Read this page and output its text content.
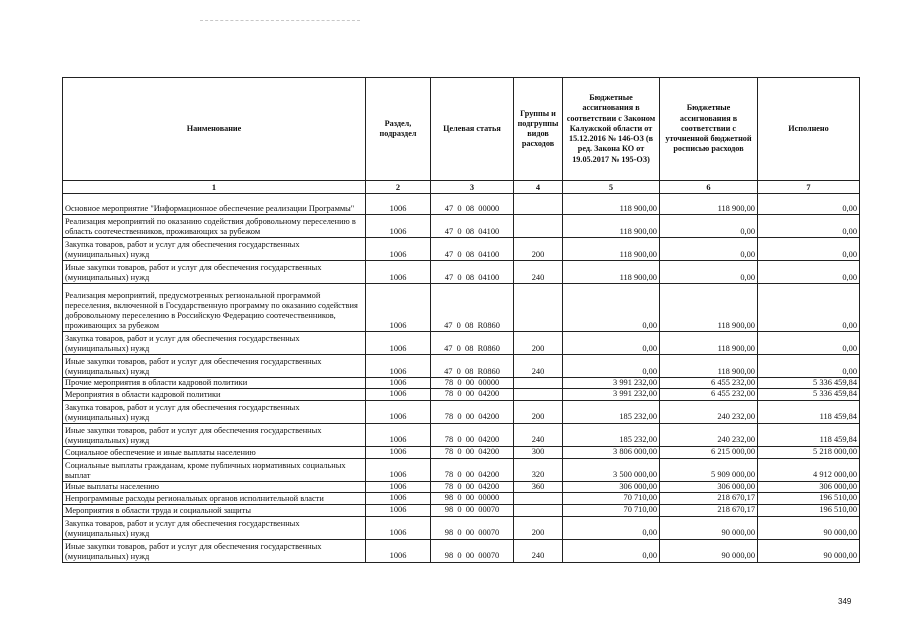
Наименование	Раздел, подраздел	Целевая статья	Группы и подгруппы видов расходов	Бюджетные ассигнования в соответствии с Законом Калужской области от 15.12.2016 № 146-ОЗ (в ред. Закона КО от 19.05.2017 № 195-ОЗ)	Бюджетные ассигнования в соответствии с уточненной бюджетной росписью расходов	Исполнено
1	2	3	4	5	6	7
Основное мероприятие "Информационное обеспечение реализации Программы"	1006	47  0  08  00000		118 900,00	118 900,00	0,00
Реализация мероприятий по оказанию содействия добровольному переселению в область соотечественников, проживающих за рубежом	1006	47  0  08  04100		118 900,00	0,00	0,00
Закупка товаров, работ и услуг для обеспечения государственных (муниципальных) нужд	1006	47  0  08  04100	200	118 900,00	0,00	0,00
Иные закупки товаров, работ и услуг для обеспечения государственных (муниципальных) нужд	1006	47  0  08  04100	240	118 900,00	0,00	0,00
Реализация мероприятий, предусмотренных региональной программой переселения, включенной в Государственную программу по оказанию содействия добровольному переселению в Российскую Федерацию соотечественников, проживающих за рубежом	1006	47  0  08  R0860		0,00	118 900,00	0,00
Закупка товаров, работ и услуг для обеспечения государственных (муниципальных) нужд	1006	47  0  08  R0860	200	0,00	118 900,00	0,00
Иные закупки товаров, работ и услуг для обеспечения государственных (муниципальных) нужд	1006	47  0  08  R0860	240	0,00	118 900,00	0,00
Прочие мероприятия в области кадровой политики	1006	78  0  00  00000		3 991 232,00	6 455 232,00	5 336 459,84
Мероприятия в области кадровой политики	1006	78  0  00  04200		3 991 232,00	6 455 232,00	5 336 459,84
Закупка товаров, работ и услуг для обеспечения государственных (муниципальных) нужд	1006	78  0  00  04200	200	185 232,00	240 232,00	118 459,84
Иные закупки товаров, работ и услуг для обеспечения государственных (муниципальных) нужд	1006	78  0  00  04200	240	185 232,00	240 232,00	118 459,84
Социальное обеспечение и иные выплаты населению	1006	78  0  00  04200	300	3 806 000,00	6 215 000,00	5 218 000,00
Социальные выплаты гражданам, кроме публичных нормативных социальных выплат	1006	78  0  00  04200	320	3 500 000,00	5 909 000,00	4 912 000,00
Иные выплаты населению	1006	78  0  00  04200	360	306 000,00	306 000,00	306 000,00
Непрограммные расходы региональных органов исполнительной власти	1006	98  0  00  00000		70 710,00	218 670,17	196 510,00
Мероприятия в области труда и социальной защиты	1006	98  0  00  00070		70 710,00	218 670,17	196 510,00
Закупка товаров, работ и услуг для обеспечения государственных (муниципальных) нужд	1006	98  0  00  00070	200	0,00	90 000,00	90 000,00
Иные закупки товаров, работ и услуг для обеспечения государственных (муниципальных) нужд	1006	98  0  00  00070	240	0,00	90 000,00	90 000,00
349
